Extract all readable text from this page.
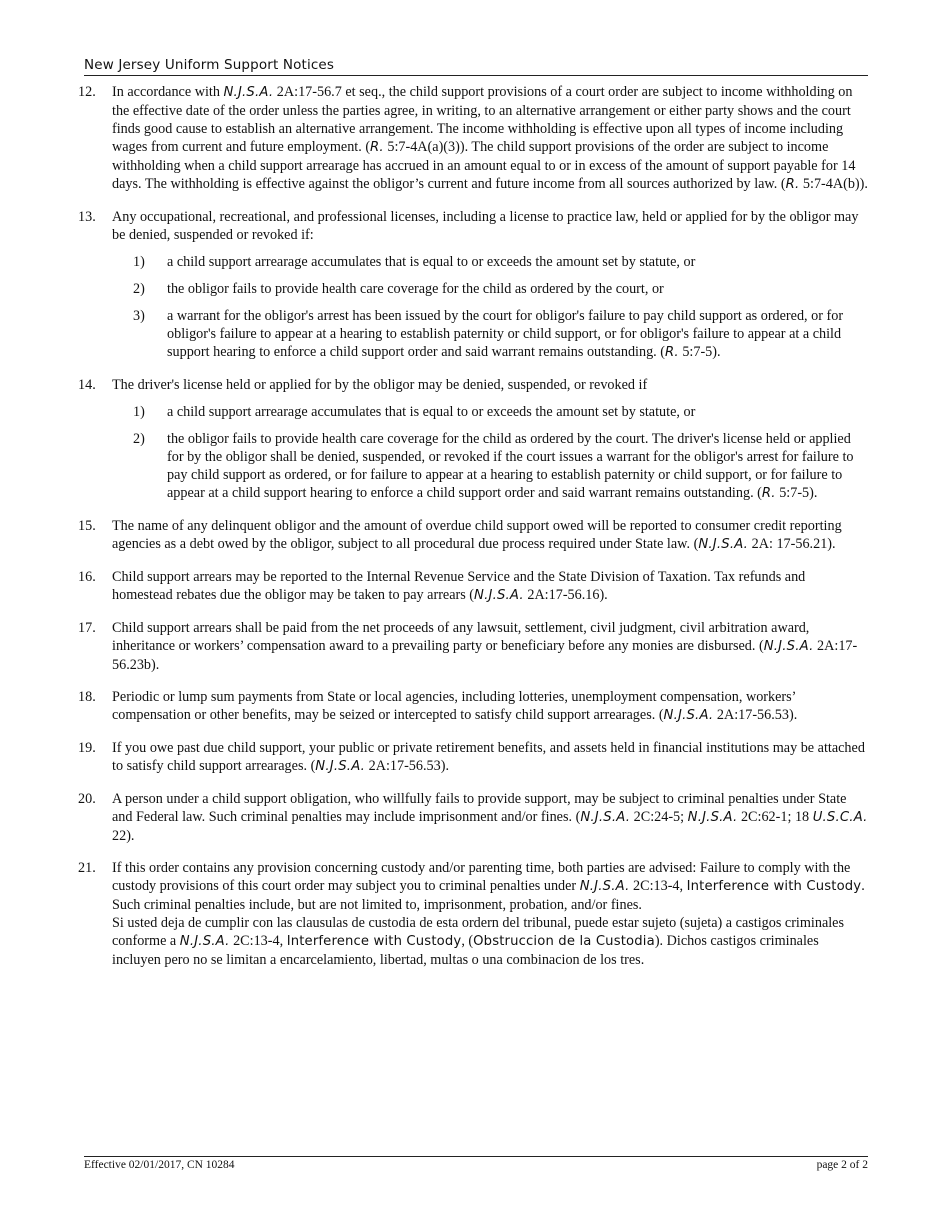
New Jersey Uniform Support Notices
12.	In accordance with N.J.S.A. 2A:17-56.7 et seq., the child support provisions of a court order are subject to income withholding on the effective date of the order unless the parties agree, in writing, to an alternative arrangement or either party shows and the court finds good cause to establish an alternative arrangement. The income withholding is effective upon all types of income including wages from current and future employment. (R. 5:7-4A(a)(3)). The child support provisions of the order are subject to income withholding when a child support arrearage has accrued in an amount equal to or in excess of the amount of support payable for 14 days. The withholding is effective against the obligor’s current and future income from all sources authorized by law. (R. 5:7-4A(b)).
13.	Any occupational, recreational, and professional licenses, including a license to practice law, held or applied for by the obligor may be denied, suspended or revoked if:
1)	a child support arrearage accumulates that is equal to or exceeds the amount set by statute, or
2)	the obligor fails to provide health care coverage for the child as ordered by the court, or
3)	a warrant for the obligor's arrest has been issued by the court for obligor's failure to pay child support as ordered, or for obligor's failure to appear at a hearing to establish paternity or child support, or for obligor's failure to appear at a child support hearing to enforce a child support order and said warrant remains outstanding. (R. 5:7-5).
14.	The driver's license held or applied for by the obligor may be denied, suspended, or revoked if
1)	a child support arrearage accumulates that is equal to or exceeds the amount set by statute, or
2)	the obligor fails to provide health care coverage for the child as ordered by the court. The driver's license held or applied for by the obligor shall be denied, suspended, or revoked if the court issues a warrant for the obligor's arrest for failure to pay child support as ordered, or for failure to appear at a hearing to establish paternity or child support, or for failure to appear at a child support hearing to enforce a child support order and said warrant remains outstanding. (R. 5:7-5).
15.	The name of any delinquent obligor and the amount of overdue child support owed will be reported to consumer credit reporting agencies as a debt owed by the obligor, subject to all procedural due process required under State law. (N.J.S.A. 2A: 17-56.21).
16.	Child support arrears may be reported to the Internal Revenue Service and the State Division of Taxation. Tax refunds and homestead rebates due the obligor may be taken to pay arrears (N.J.S.A. 2A:17-56.16).
17.	Child support arrears shall be paid from the net proceeds of any lawsuit, settlement, civil judgment, civil arbitration award, inheritance or workers’ compensation award to a prevailing party or beneficiary before any monies are disbursed. (N.J.S.A. 2A:17-56.23b).
18.	Periodic or lump sum payments from State or local agencies, including lotteries, unemployment compensation, workers’ compensation or other benefits, may be seized or intercepted to satisfy child support arrearages. (N.J.S.A. 2A:17-56.53).
19.	If you owe past due child support, your public or private retirement benefits, and assets held in financial institutions may be attached to satisfy child support arrearages. (N.J.S.A. 2A:17-56.53).
20.	A person under a child support obligation, who willfully fails to provide support, may be subject to criminal penalties under State and Federal law. Such criminal penalties may include imprisonment and/or fines. (N.J.S.A. 2C:24-5; N.J.S.A. 2C:62-1; 18 U.S.C.A. 22).
21.	If this order contains any provision concerning custody and/or parenting time, both parties are advised: Failure to comply with the custody provisions of this court order may subject you to criminal penalties under N.J.S.A. 2C:13-4, Interference with Custody. Such criminal penalties include, but are not limited to, imprisonment, probation, and/or fines.
Si usted deja de cumplir con las clausulas de custodia de esta ordern del tribunal, puede estar sujeto (sujeta) a castigos criminales conforme a N.J.S.A. 2C:13-4, Interference with Custody, (Obstruccion de la Custodia). Dichos castigos criminales incluyen pero no se limitan a encarcelamiento, libertad, multas o una combinacion de los tres.
Effective 02/01/2017, CN 10284	page 2 of 2
